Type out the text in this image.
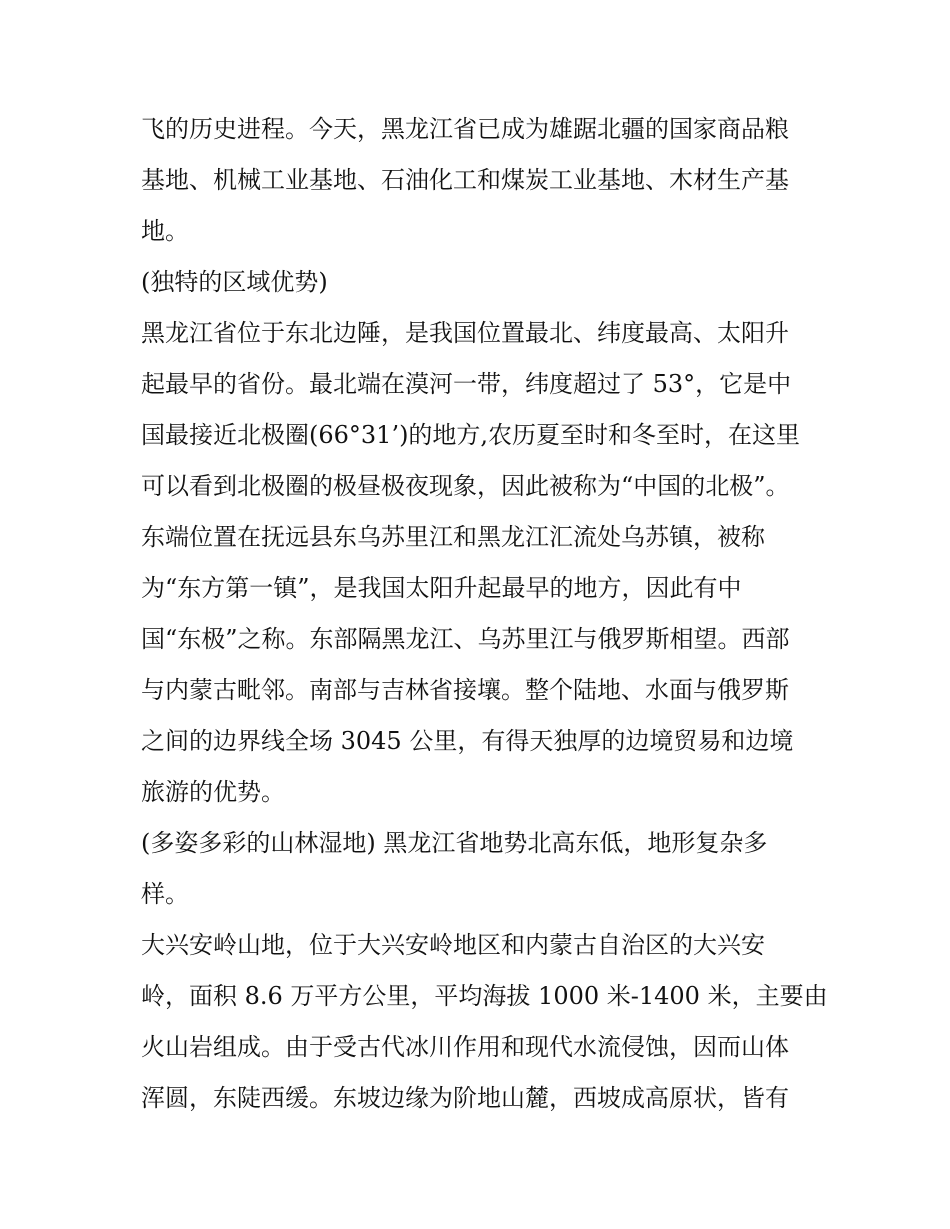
飞的历史进程。今天，黑龙江省已成为雄踞北疆的国家商品粮
基地、机械工业基地、石油化工和煤炭工业基地、木材生产基
地。
(独特的区域优势)
黑龙江省位于东北边陲，是我国位置最北、纬度最高、太阳升
起最早的省份。最北端在漠河一带，纬度超过了 53°，它是中
国最接近北极圈(66°31’)的地方,农历夏至时和冬至时，在这里
可以看到北极圈的极昼极夜现象，因此被称为“中国的北极”。
东端位置在抚远县东乌苏里江和黑龙江汇流处乌苏镇，被称
为“东方第一镇”，是我国太阳升起最早的地方，因此有中
国“东极”之称。东部隔黑龙江、乌苏里江与俄罗斯相望。西部
与内蒙古毗邻。南部与吉林省接壤。整个陆地、水面与俄罗斯
之间的边界线全场 3045 公里，有得天独厚的边境贸易和边境
旅游的优势。
(多姿多彩的山林湿地) 黑龙江省地势北高东低，地形复杂多
样。
大兴安岭山地，位于大兴安岭地区和内蒙古自治区的大兴安
岭，面积 8.6 万平方公里，平均海拔 1000 米-1400 米，主要由
火山岩组成。由于受古代冰川作用和现代水流侵蚀，因而山体
浑圆，东陡西缓。东坡边缘为阶地山麓，西坡成高原状，皆有
